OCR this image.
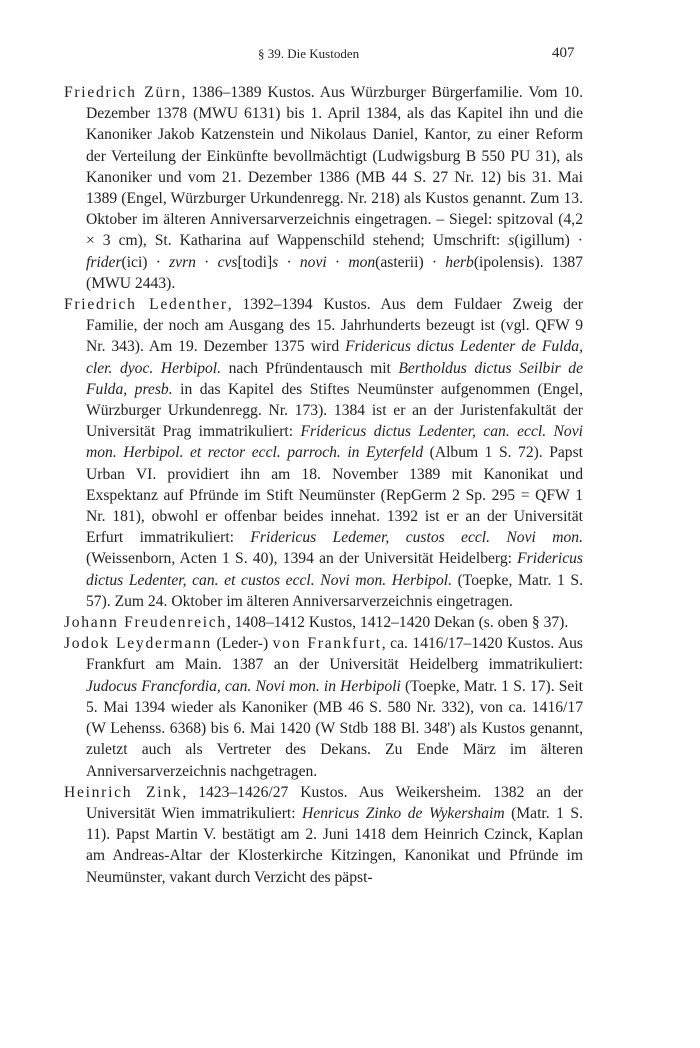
§ 39. Die Kustoden	407

Friedrich Zürn, 1386–1389 Kustos. Aus Würzburger Bürgerfamilie. Vom 10. Dezember 1378 (MWU 6131) bis 1. April 1384, als das Kapitel ihn und die Kanoniker Jakob Katzenstein und Nikolaus Daniel, Kantor, zu einer Reform der Verteilung der Einkünfte bevollmächtigt (Ludwigsburg B 550 PU 31), als Kanoniker und vom 21. Dezember 1386 (MB 44 S. 27 Nr. 12) bis 31. Mai 1389 (Engel, Würzburger Urkundenregg. Nr. 218) als Kustos genannt. Zum 13. Oktober im älteren Anniversarverzeichnis eingetragen. – Siegel: spitzoval (4,2 × 3 cm), St. Katharina auf Wappenschild stehend; Umschrift: s(igillum) · frider(ici) · zvrn · cvs[todi]s · novi · mon(asterii) · herb(ipolensis). 1387 (MWU 2443).

Friedrich Ledenther, 1392–1394 Kustos. Aus dem Fuldaer Zweig der Familie, der noch am Ausgang des 15. Jahrhunderts bezeugt ist (vgl. QFW 9 Nr. 343). Am 19. Dezember 1375 wird Fridericus dictus Ledenter de Fulda, cler. dyoc. Herbipol. nach Pfründentausch mit Bertholdus dictus Seilbir de Fulda, presb. in das Kapitel des Stiftes Neumünster aufgenommen (Engel, Würzburger Urkundenregg. Nr. 173). 1384 ist er an der Juristenfakultät der Universität Prag immatrikuliert: Fridericus dictus Ledenter, can. eccl. Novi mon. Herbipol. et rector eccl. parroch. in Eyterfeld (Album 1 S. 72). Papst Urban VI. providiert ihn am 18. November 1389 mit Kanonikat und Exspektanz auf Pfründe im Stift Neumünster (RepGerm 2 Sp. 295 = QFW 1 Nr. 181), obwohl er offenbar beides innehat. 1392 ist er an der Universität Erfurt immatrikuliert: Fridericus Ledemer, custos eccl. Novi mon. (Weissenborn, Acten 1 S. 40), 1394 an der Universität Heidelberg: Fridericus dictus Ledenter, can. et custos eccl. Novi mon. Herbipol. (Toepke, Matr. 1 S. 57). Zum 24. Oktober im älteren Anniversarverzeichnis eingetragen.

Johann Freudenreich, 1408–1412 Kustos, 1412–1420 Dekan (s. oben § 37).

Jodok Leydermann (Leder-) von Frankfurt, ca. 1416/17–1420 Kustos. Aus Frankfurt am Main. 1387 an der Universität Heidelberg immatrikuliert: Judocus Francfordia, can. Novi mon. in Herbipoli (Toepke, Matr. 1 S. 17). Seit 5. Mai 1394 wieder als Kanoniker (MB 46 S. 580 Nr. 332), von ca. 1416/17 (W Lehenss. 6368) bis 6. Mai 1420 (W Stdb 188 Bl. 348') als Kustos genannt, zuletzt auch als Vertreter des Dekans. Zu Ende März im älteren Anniversarverzeichnis nachgetragen.

Heinrich Zink, 1423–1426/27 Kustos. Aus Weikersheim. 1382 an der Universität Wien immatrikuliert: Henricus Zinko de Wykershaim (Matr. 1 S. 11). Papst Martin V. bestätigt am 2. Juni 1418 dem Heinrich Czinck, Kaplan am Andreas-Altar der Klosterkirche Kitzingen, Kanonikat und Pfründe im Neumünster, vakant durch Verzicht des päpst-
